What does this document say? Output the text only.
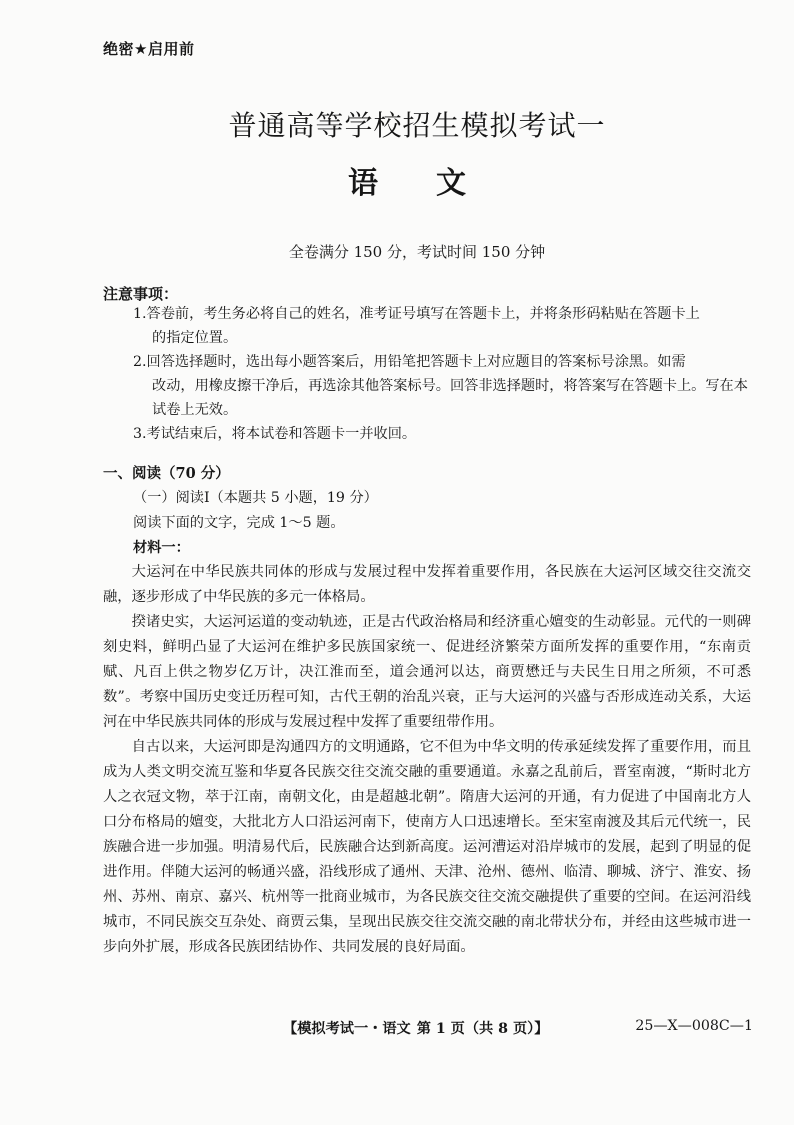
绝密★启用前
普通高等学校招生模拟考试一
语文
全卷满分 150 分，考试时间 150 分钟
注意事项：
1.答卷前，考生务必将自己的姓名，准考证号填写在答题卡上，并将条形码粘贴在答题卡上
的指定位置。
2.回答选择题时，选出每小题答案后，用铅笔把答题卡上对应题目的答案标号涂黑。如需
改动，用橡皮擦干净后，再选涂其他答案标号。回答非选择题时，将答案写在答题卡上。写在本试卷上无效。
3.考试结束后，将本试卷和答题卡一并收回。
一、阅读（70 分）
（一）阅读Ⅰ（本题共 5 小题，19 分）
阅读下面的文字，完成 1～5 题。
材料一：

大运河在中华民族共同体的形成与发展过程中发挥着重要作用，各民族在大运河区域交往交流交融，逐步形成了中华民族的多元一体格局。

揆诸史实，大运河运道的变动轨迹，正是古代政治格局和经济重心嬗变的生动彰显。元代的一则碑刻史料，鲜明凸显了大运河在维护多民族国家统一、促进经济繁荣方面所发挥的重要作用，“东南贡赋、凡百上供之物岁亿万计，决江淮而至，道会通河以达，商贾懋迁与夫民生日用之所须，不可悉数”。考察中国历史变迁历程可知，古代王朝的治乱兴衰，正与大运河的兴盛与否形成连动关系，大运河在中华民族共同体的形成与发展过程中发挥了重要纽带作用。

自古以来，大运河即是沟通四方的文明通路，它不但为中华文明的传承延续发挥了重要作用，而且成为人类文明交流互鉴和华夏各民族交往交流交融的重要通道。永嘉之乱前后，晋室南渡，“斯时北方人之衣冠文物，萃于江南，南朝文化，由是超越北朝”。隋唐大运河的开通，有力促进了中国南北方人口分布格局的嬗变，大批北方人口沿运河南下，使南方人口迅速增长。至宋室南渡及其后元代统一，民族融合进一步加强。明清易代后，民族融合达到新高度。运河漕运对沿岸城市的发展，起到了明显的促进作用。伴随大运河的畅通兴盛，沿线形成了通州、天津、沧州、德州、临清、聊城、济宁、淮安、扬州、苏州、南京、嘉兴、杭州等一批商业城市，为各民族交往交流交融提供了重要的空间。在运河沿线城市，不同民族交互杂处、商贾云集，呈现出民族交往交流交融的南北带状分布，并经由这些城市进一步向外扩展，形成各民族团结协作、共同发展的良好局面。

【模拟考试一・语文 第 1 页（共 8 页）】	25—X—008C—1
